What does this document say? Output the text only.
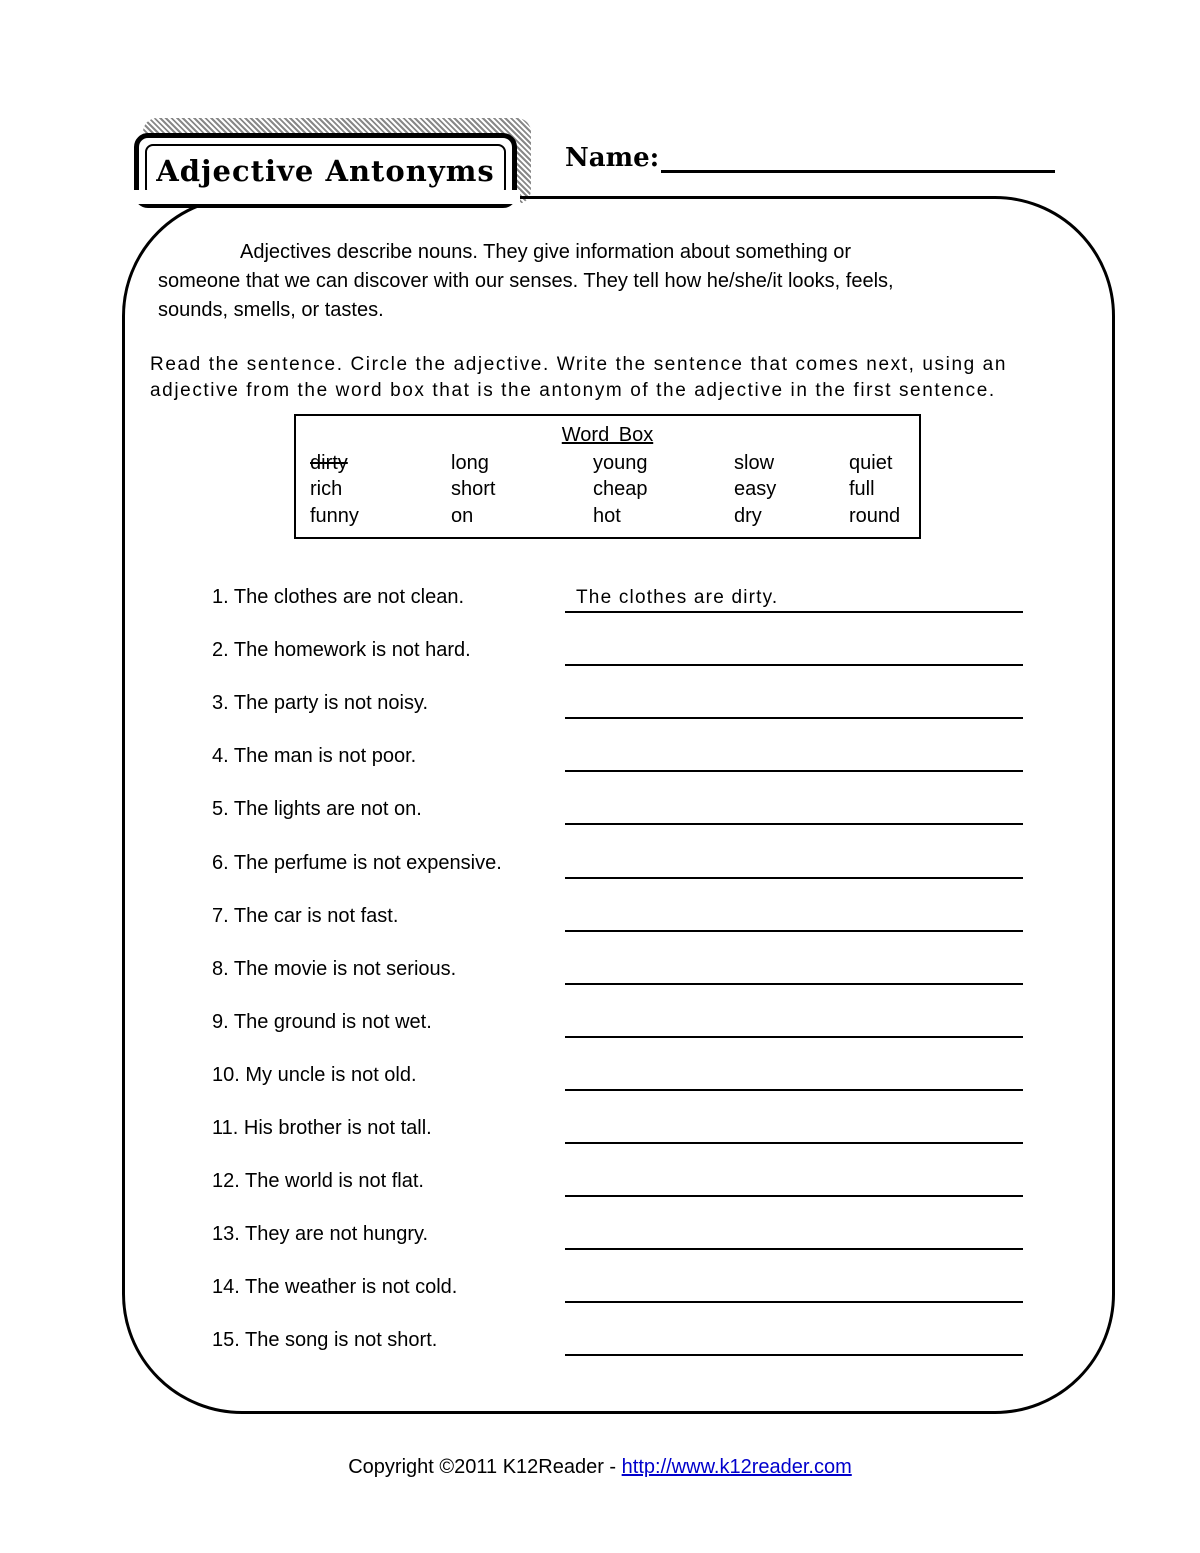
Adjective Antonyms	Name:
Adjectives describe nouns. They give information about something or
someone that we can discover with our senses. They tell how he/she/it looks, feels,
sounds, smells, or tastes.
Read the sentence. Circle the adjective. Write the sentence that comes next, using an
adjective from the word box that is the antonym of the adjective in the first sentence.
Word Box
dirty	long	young	slow	quiet
rich	short	cheap	easy	full
funny	on	hot	dry	round
1. The clothes are not clean.	The clothes are dirty.
2. The homework is not hard.
3. The party is not noisy.
4. The man is not poor.
5. The lights are not on.
6. The perfume is not expensive.
7. The car is not fast.
8. The movie is not serious.
9. The ground is not wet.
10. My uncle is not old.
11. His brother is not tall.
12. The world is not flat.
13. They are not hungry.
14. The weather is not cold.
15. The song is not short.
Copyright ©2011 K12Reader - http://www.k12reader.com
